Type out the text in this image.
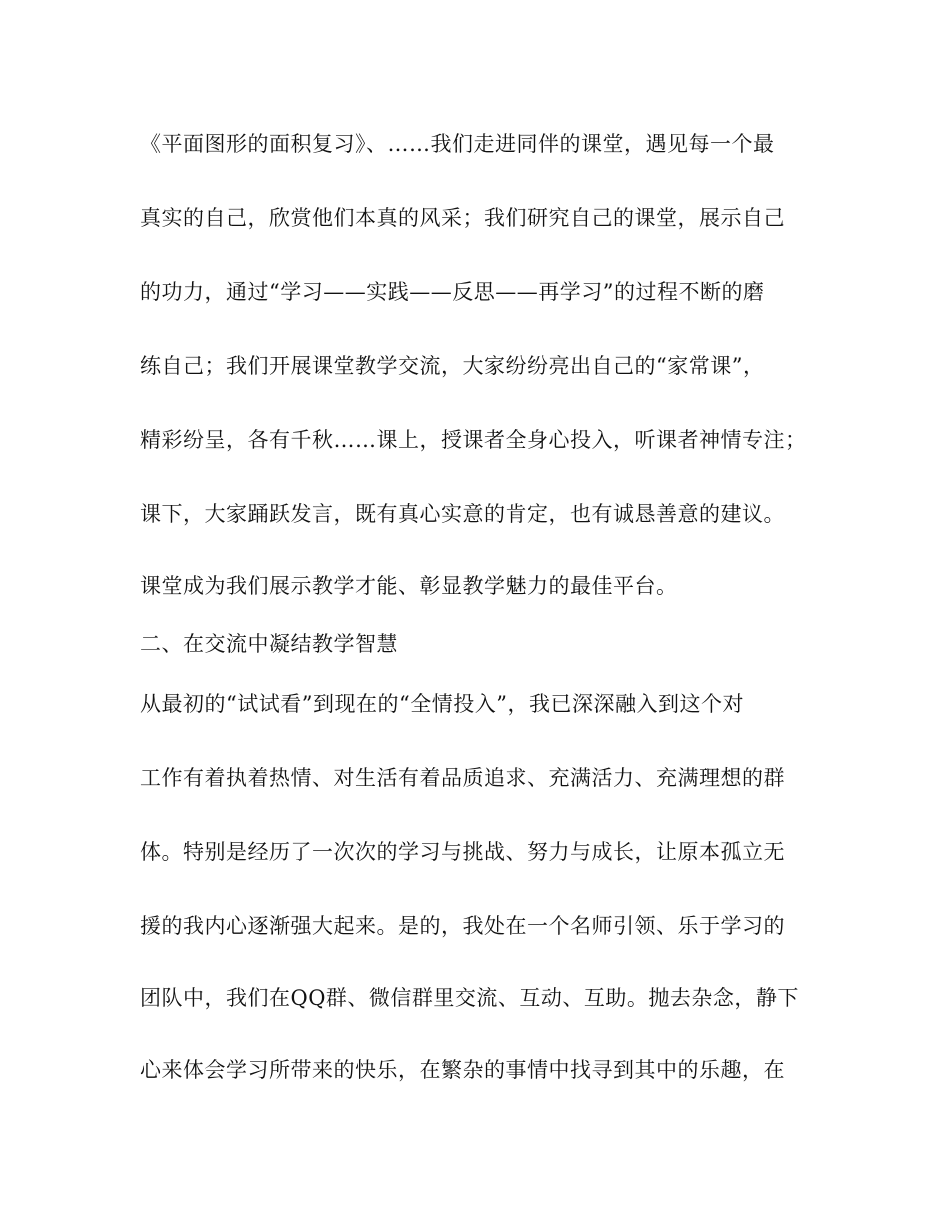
《平面图形的面积复习》、……我们走进同伴的课堂，遇见每一个最
真实的自己，欣赏他们本真的风采；我们研究自己的课堂，展示自己
的功力，通过“学习——实践——反思——再学习”的过程不断的磨
练自己；我们开展课堂教学交流，大家纷纷亮出自己的“家常课”，
精彩纷呈，各有千秋……课上，授课者全身心投入，听课者神情专注；
课下，大家踊跃发言，既有真心实意的肯定，也有诚恳善意的建议。
课堂成为我们展示教学才能、彰显教学魅力的最佳平台。
二、在交流中凝结教学智慧
从最初的“试试看”到现在的“全情投入”，我已深深融入到这个对
工作有着执着热情、对生活有着品质追求、充满活力、充满理想的群
体。特别是经历了一次次的学习与挑战、努力与成长，让原本孤立无
援的我内心逐渐强大起来。是的，我处在一个名师引领、乐于学习的
团队中，我们在QQ群、微信群里交流、互动、互助。抛去杂念，静下
心来体会学习所带来的快乐，在繁杂的事情中找寻到其中的乐趣，在
